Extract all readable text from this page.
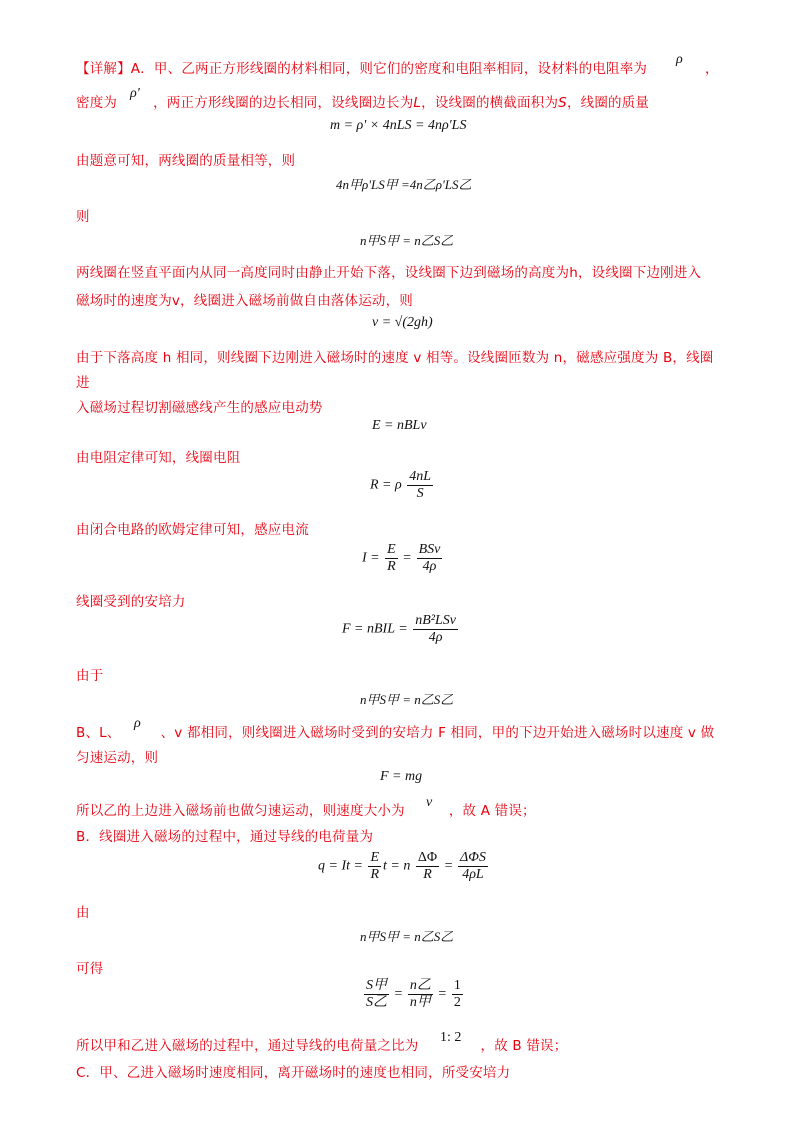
【详解】A．甲、乙两正方形线圈的材料相同，则它们的密度和电阻率相同，设材料的电阻率为
ρ
，
密度为	，两正方形线圈的边长相同，设线圈边长为L，设线圈的横截面积为S，线圈的质量
ρ'
m = ρ' × 4nLS = 4nρ'LS
由题意可知，两线圈的质量相等，则
4n甲ρ'LS甲 =4n乙ρ'LS乙
则
n甲S甲 = n乙S乙
两线圈在竖直平面内从同一高度同时由静止开始下落，设线圈下边到磁场的高度为h，设线圈下边刚进入
磁场时的速度为v，线圈进入磁场前做自由落体运动，则
v = √(2gh)
由于下落高度 h 相同，则线圈下边刚进入磁场时的速度 v 相等。设线圈匝数为 n，磁感应强度为 B，线圈
进
入磁场过程切割磁感线产生的感应电动势
E = nBLv
由电阻定律可知，线圈电阻
R = ρ $\frac{4nL}{S}$
由闭合电路的欧姆定律可知，感应电流
$I = \frac{E}{R} = \frac{\text{BSv}}{4\rho}$
线圈受到的安培力
F = nBIL = $\frac{\text{nB²LSv}}{4\rho}$
由于
n甲S甲 = n乙S乙
B、L、	、v 都相同，则线圈进入磁场时受到的安培力 F 相同，甲的下边开始进入磁场时以速度 v 做
ρ
匀速运动，则
F = mg
所以乙的上边进入磁场前也做匀速运动，则速度大小为	，故 A 错误；
v
B．线圈进入磁场的过程中，通过导线的电荷量为
$q = It = \frac{E}{R}$ t = n $\frac{\Delta\Phi}{R} = \frac{\text{ΔΦS}}{4\rho L}$
由
n甲S甲 = n乙S乙
可得
$\frac{\text{S甲}}{\text{S乙}} = \frac{\text{n乙}}{\text{n甲}} = \frac{1}{2}$
所以甲和乙进入磁场的过程中，通过导线的电荷量之比为	，故 B 错误；
1: 2
C．甲、乙进入磁场时速度相同，离开磁场时的速度也相同，所受安培力
